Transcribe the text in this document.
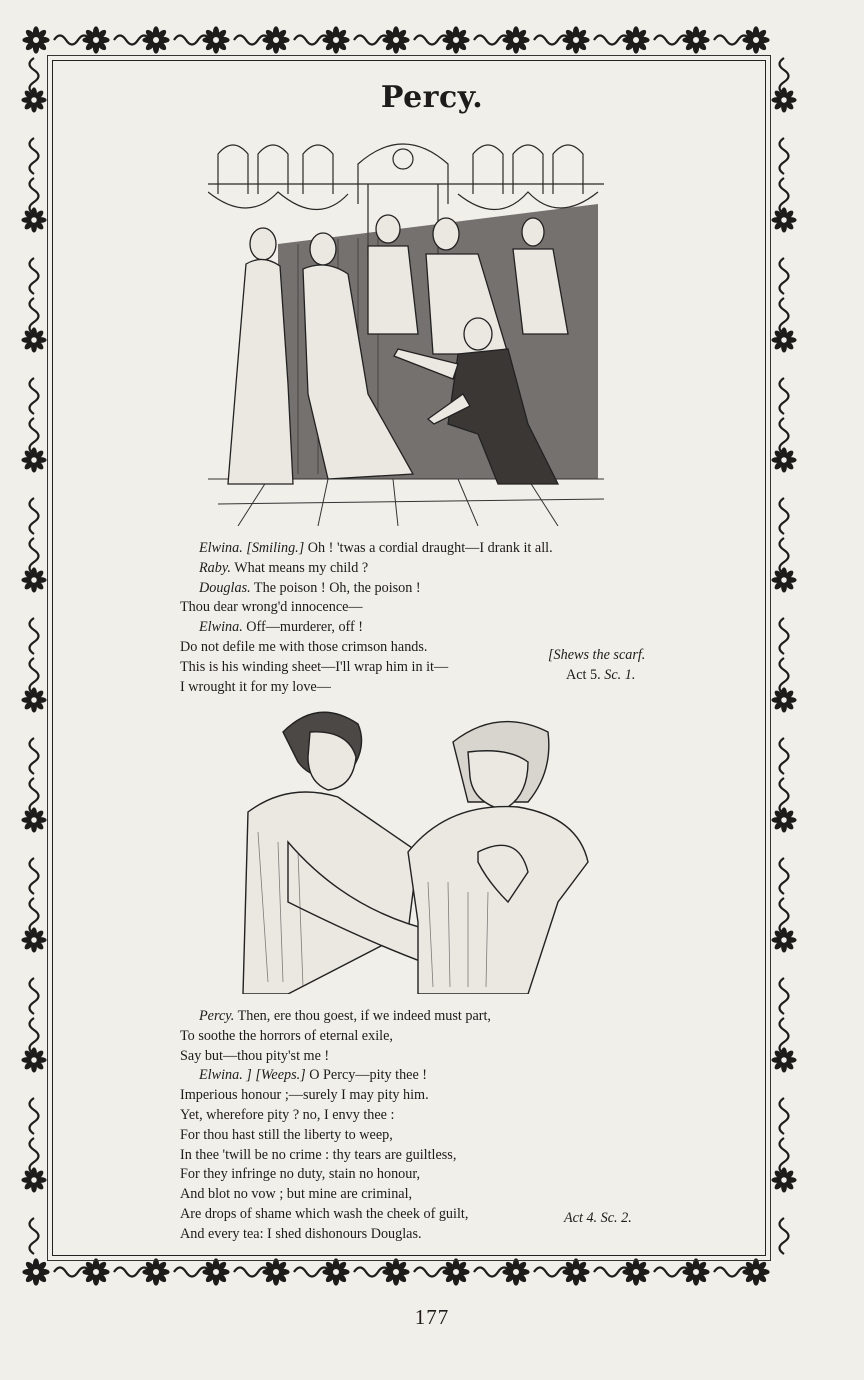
Percy.
Elwina. [Smiling.] Oh ! 'twas a cordial draught—I drank it all.
Raby. What means my child ?
Douglas. The poison ! Oh, the poison !
Thou dear wrong'd innocence—
Elwina. Off—murderer, off !
Do not defile me with those crimson hands.
This is his winding sheet—I'll wrap him in it—
I wrought it for my love—
[Shews the scarf.
Act 5. Sc. 1.
Percy. Then, ere thou goest, if we indeed must part,
To soothe the horrors of eternal exile,
Say but—thou pity'st me !
Elwina. ] [Weeps.] O Percy—pity thee !
Imperious honour ;—surely I may pity him.
Yet, wherefore pity ? no, I envy thee :
For thou hast still the liberty to weep,
In thee 'twill be no crime : thy tears are guiltless,
For they infringe no duty, stain no honour,
And blot no vow ; but mine are criminal,
Are drops of shame which wash the cheek of guilt,
And every tea: I shed dishonours Douglas.
Act 4. Sc. 2.
177
